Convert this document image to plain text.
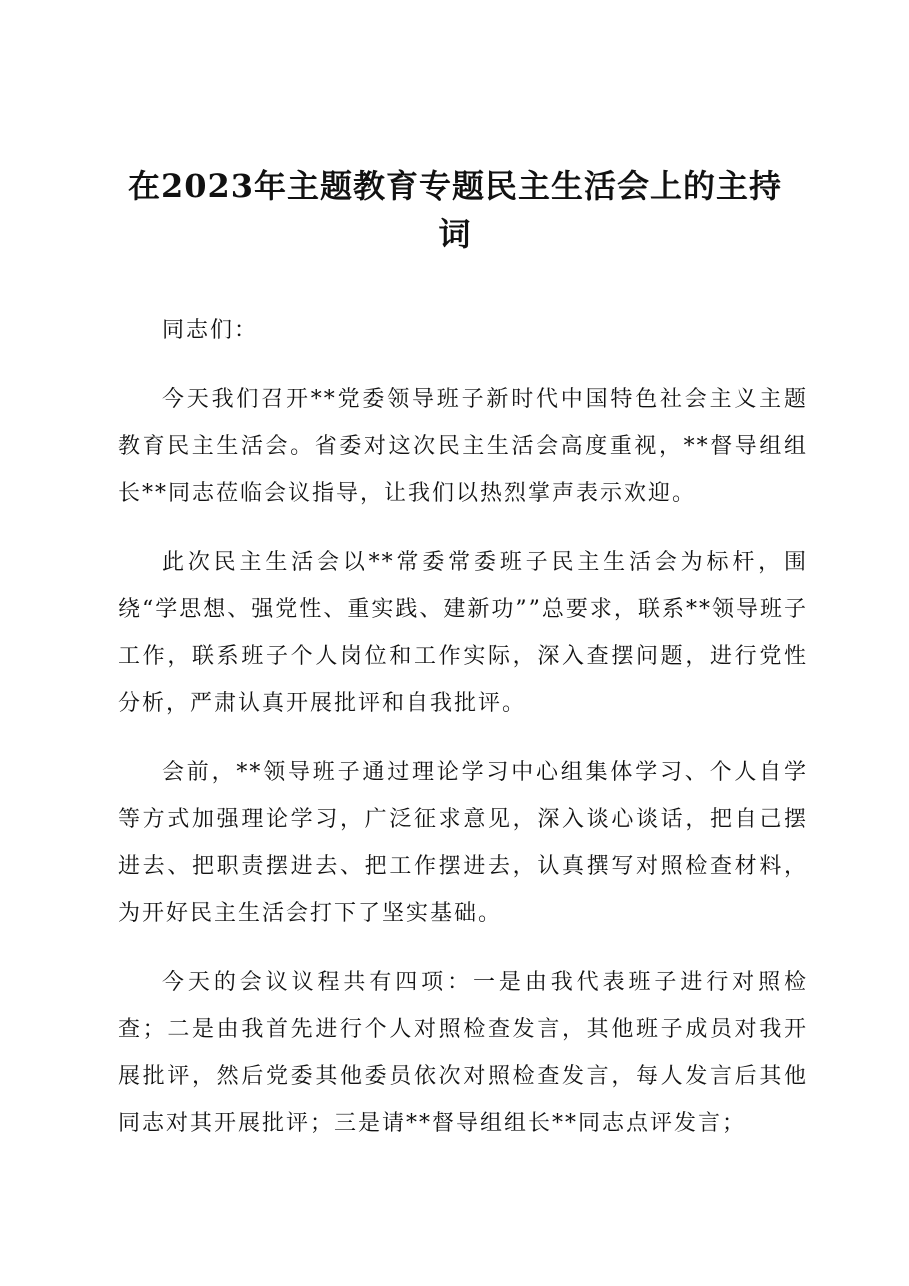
在2023年主题教育专题民主生活会上的主持词

同志们：

今天我们召开**党委领导班子新时代中国特色社会主义主题教育民主生活会。省委对这次民主生活会高度重视，**督导组组长**同志莅临会议指导，让我们以热烈掌声表示欢迎。

此次民主生活会以**常委常委班子民主生活会为标杆，围绕“学思想、强党性、重实践、建新功””总要求，联系**领导班子工作，联系班子个人岗位和工作实际，深入查摆问题，进行党性分析，严肃认真开展批评和自我批评。

会前，**领导班子通过理论学习中心组集体学习、个人自学等方式加强理论学习，广泛征求意见，深入谈心谈话，把自己摆进去、把职责摆进去、把工作摆进去，认真撰写对照检查材料，为开好民主生活会打下了坚实基础。

今天的会议议程共有四项：一是由我代表班子进行对照检查；二是由我首先进行个人对照检查发言，其他班子成员对我开展批评，然后党委其他委员依次对照检查发言，每人发言后其他同志对其开展批评；三是请**督导组组长**同志点评发言；
